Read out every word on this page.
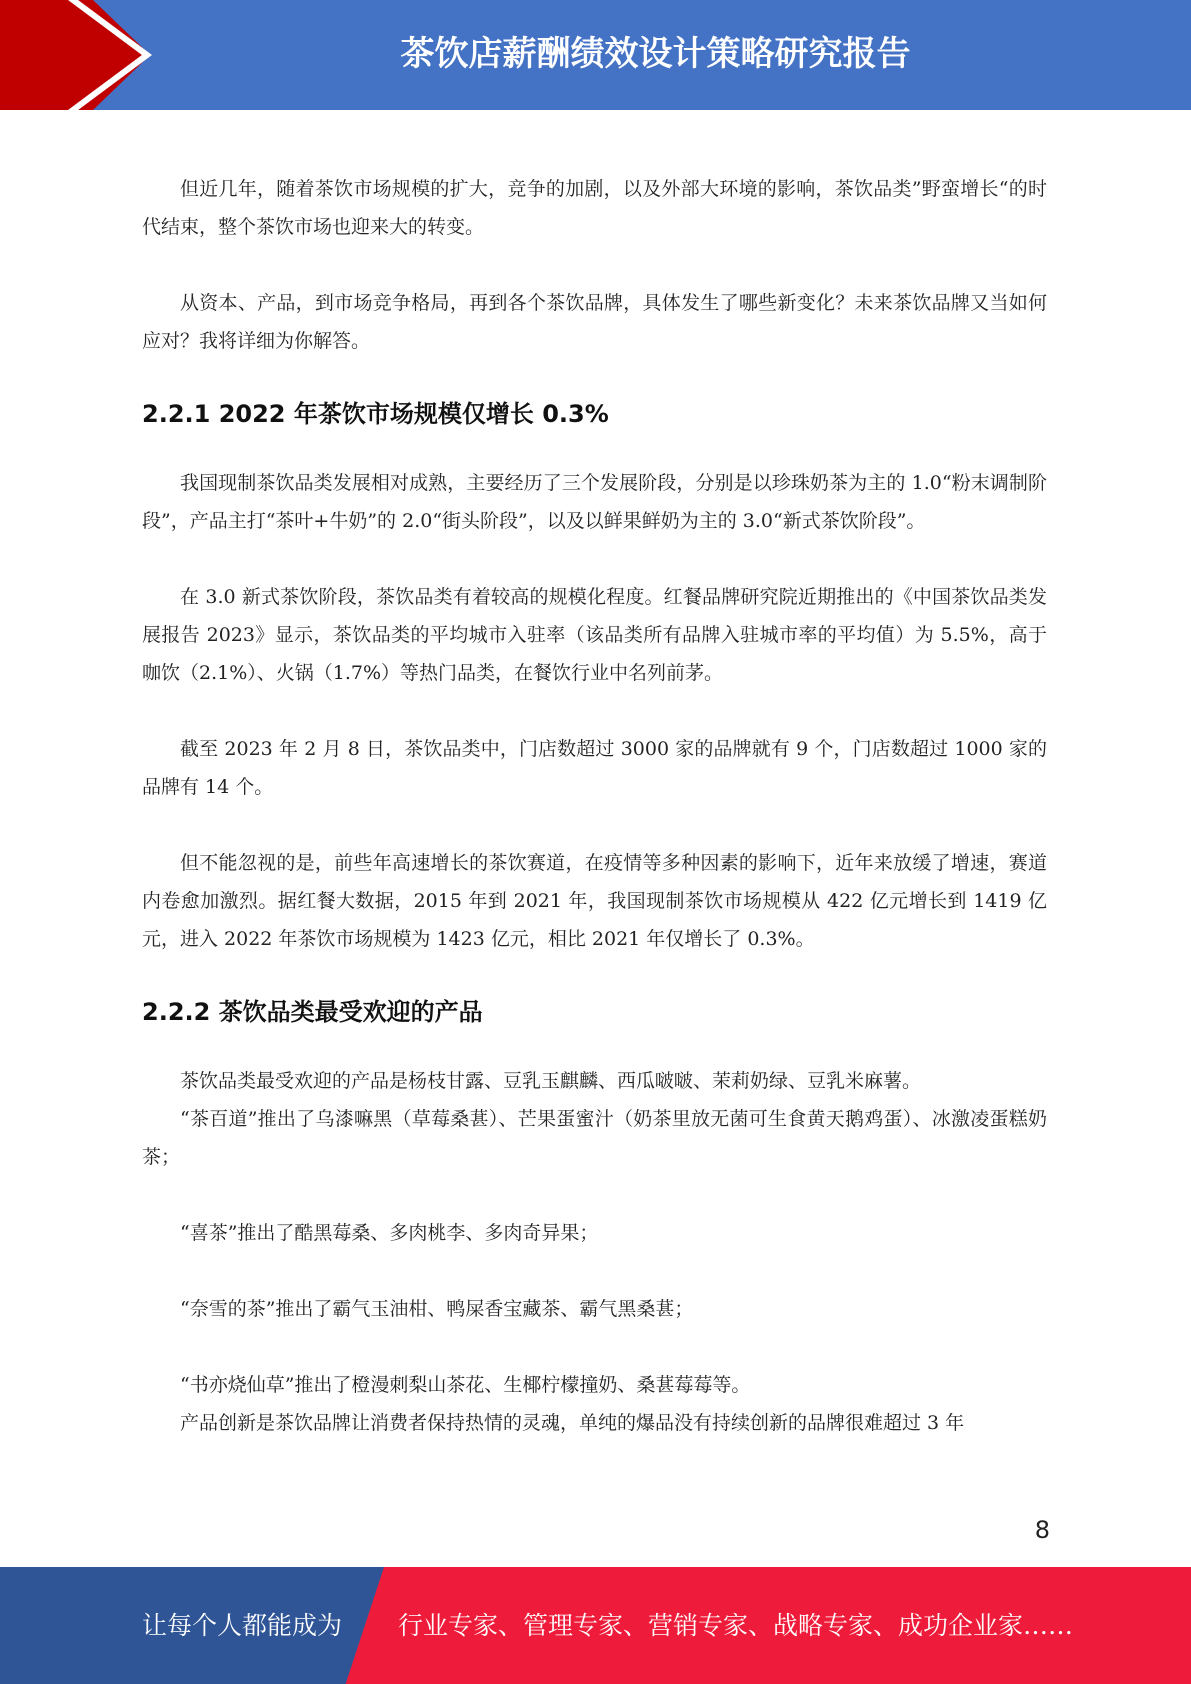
茶饮店薪酬绩效设计策略研究报告

但近几年，随着茶饮市场规模的扩大，竞争的加剧，以及外部大环境的影响，茶饮品类”野蛮增长“的时代结束，整个茶饮市场也迎来大的转变。

从资本、产品，到市场竞争格局，再到各个茶饮品牌，具体发生了哪些新变化？未来茶饮品牌又当如何应对？我将详细为你解答。

2.2.1 2022 年茶饮市场规模仅增长 0.3%

我国现制茶饮品类发展相对成熟，主要经历了三个发展阶段，分别是以珍珠奶茶为主的 1.0“粉末调制阶段”，产品主打“茶叶+牛奶”的 2.0“街头阶段”，以及以鲜果鲜奶为主的 3.0“新式茶饮阶段”。

在 3.0 新式茶饮阶段，茶饮品类有着较高的规模化程度。红餐品牌研究院近期推出的《中国茶饮品类发展报告 2023》显示，茶饮品类的平均城市入驻率（该品类所有品牌入驻城市率的平均值）为 5.5%，高于咖饮（2.1%）、火锅（1.7%）等热门品类，在餐饮行业中名列前茅。

截至 2023 年 2 月 8 日，茶饮品类中，门店数超过 3000 家的品牌就有 9 个，门店数超过 1000 家的品牌有 14 个。

但不能忽视的是，前些年高速增长的茶饮赛道，在疫情等多种因素的影响下，近年来放缓了增速，赛道内卷愈加激烈。据红餐大数据，2015 年到 2021 年，我国现制茶饮市场规模从 422 亿元增长到 1419 亿元，进入 2022 年茶饮市场规模为 1423 亿元，相比 2021 年仅增长了 0.3%。

2.2.2 茶饮品类最受欢迎的产品

茶饮品类最受欢迎的产品是杨枝甘露、豆乳玉麒麟、西瓜啵啵、茉莉奶绿、豆乳米麻薯。

“茶百道”推出了乌漆嘛黑（草莓桑葚）、芒果蛋蜜汁（奶茶里放无菌可生食黄天鹅鸡蛋）、冰激凌蛋糕奶茶；

“喜茶”推出了酷黑莓桑、多肉桃李、多肉奇异果；

“奈雪的茶”推出了霸气玉油柑、鸭屎香宝藏茶、霸气黑桑葚；

“书亦烧仙草”推出了橙漫刺梨山茶花、生椰柠檬撞奶、桑葚莓莓等。

产品创新是茶饮品牌让消费者保持热情的灵魂，单纯的爆品没有持续创新的品牌很难超过 3 年

8
让每个人都能成为 行业专家、管理专家、营销专家、战略专家、成功企业家……
